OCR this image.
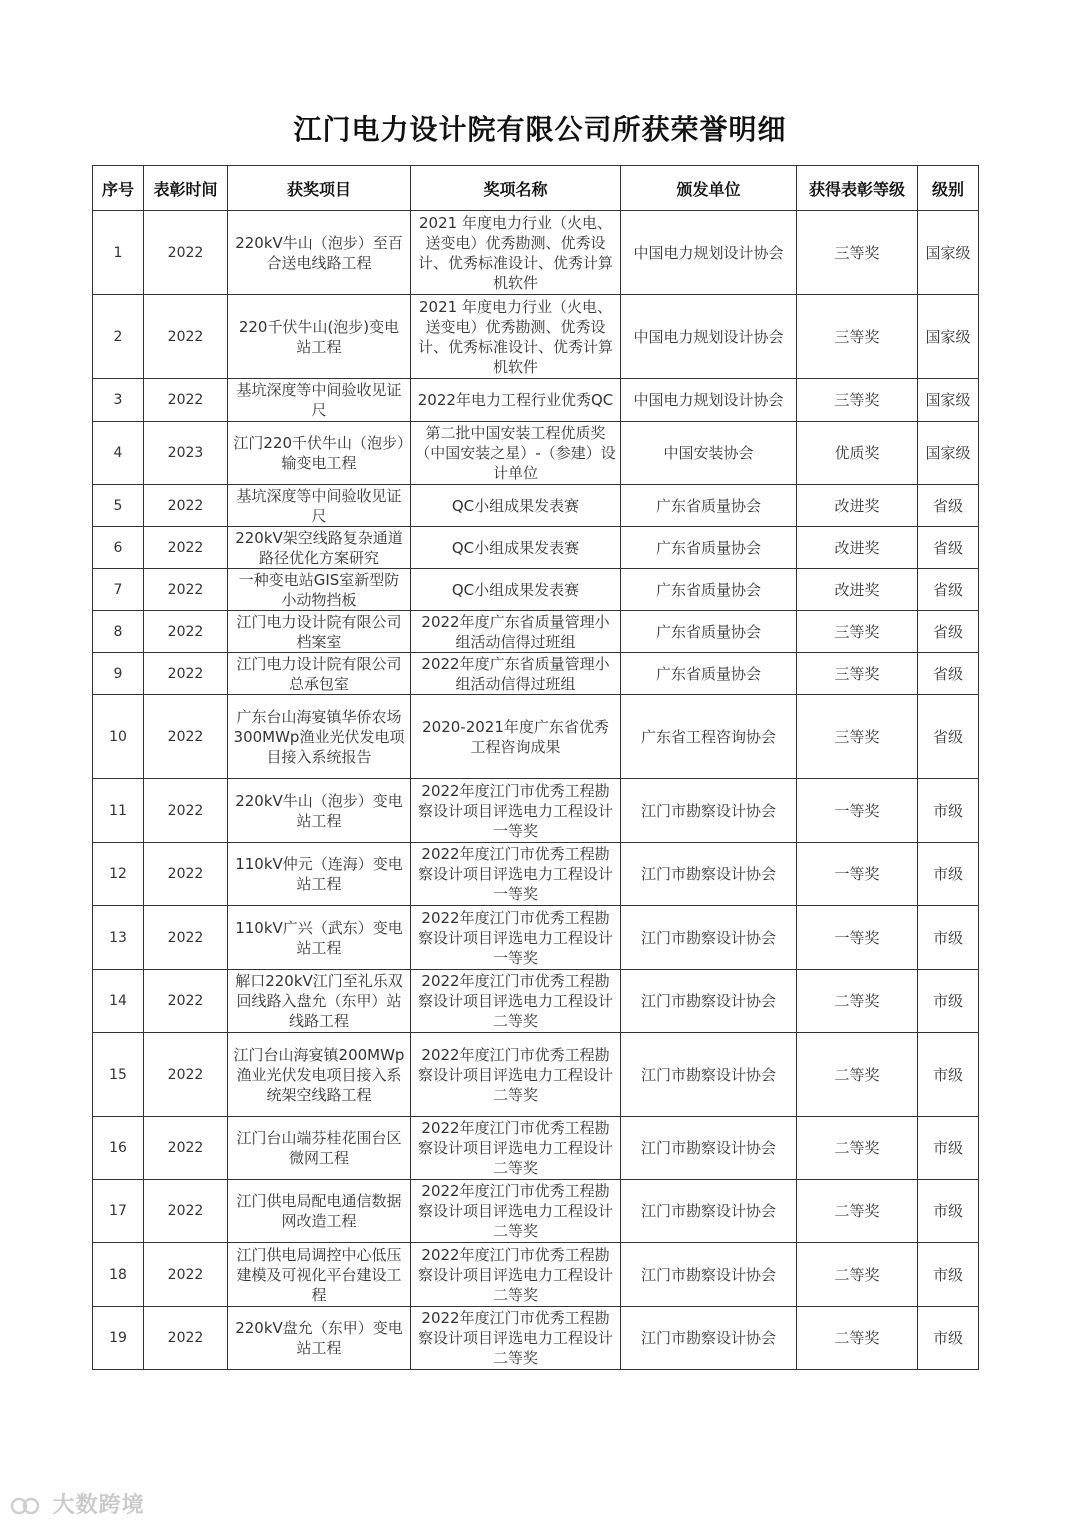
江门电力设计院有限公司所获荣誉明细
序号	表彰时间	获奖项目	奖项名称	颁发单位	获得表彰等级	级别
1	2022	220kV牛山（泡步）至百合送电线路工程	2021 年度电力行业（火电、送变电）优秀勘测、优秀设计、优秀标准设计、优秀计算机软件	中国电力规划设计协会	三等奖	国家级
2	2022	220千伏牛山(泡步)变电站工程	2021 年度电力行业（火电、送变电）优秀勘测、优秀设计、优秀标准设计、优秀计算机软件	中国电力规划设计协会	三等奖	国家级
3	2022	基坑深度等中间验收见证尺	2022年电力工程行业优秀QC	中国电力规划设计协会	三等奖	国家级
4	2023	江门220千伏牛山（泡步）输变电工程	第二批中国安装工程优质奖（中国安装之星）-（参建）设计单位	中国安装协会	优质奖	国家级
5	2022	基坑深度等中间验收见证尺	QC小组成果发表赛	广东省质量协会	改进奖	省级
6	2022	220kV架空线路复杂通道路径优化方案研究	QC小组成果发表赛	广东省质量协会	改进奖	省级
7	2022	一种变电站GIS室新型防小动物挡板	QC小组成果发表赛	广东省质量协会	改进奖	省级
8	2022	江门电力设计院有限公司档案室	2022年度广东省质量管理小组活动信得过班组	广东省质量协会	三等奖	省级
9	2022	江门电力设计院有限公司总承包室	2022年度广东省质量管理小组活动信得过班组	广东省质量协会	三等奖	省级
10	2022	广东台山海宴镇华侨农场300MWp渔业光伏发电项目接入系统报告	2020-2021年度广东省优秀工程咨询成果	广东省工程咨询协会	三等奖	省级
11	2022	220kV牛山（泡步）变电站工程	2022年度江门市优秀工程勘察设计项目评选电力工程设计一等奖	江门市勘察设计协会	一等奖	市级
12	2022	110kV仲元（连海）变电站工程	2022年度江门市优秀工程勘察设计项目评选电力工程设计一等奖	江门市勘察设计协会	一等奖	市级
13	2022	110kV广兴（武东）变电站工程	2022年度江门市优秀工程勘察设计项目评选电力工程设计一等奖	江门市勘察设计协会	一等奖	市级
14	2022	解口220kV江门至礼乐双回线路入盘允（东甲）站线路工程	2022年度江门市优秀工程勘察设计项目评选电力工程设计二等奖	江门市勘察设计协会	二等奖	市级
15	2022	江门台山海宴镇200MWp渔业光伏发电项目接入系统架空线路工程	2022年度江门市优秀工程勘察设计项目评选电力工程设计二等奖	江门市勘察设计协会	二等奖	市级
16	2022	江门台山端芬桂花围台区微网工程	2022年度江门市优秀工程勘察设计项目评选电力工程设计二等奖	江门市勘察设计协会	二等奖	市级
17	2022	江门供电局配电通信数据网改造工程	2022年度江门市优秀工程勘察设计项目评选电力工程设计二等奖	江门市勘察设计协会	二等奖	市级
18	2022	江门供电局调控中心低压建模及可视化平台建设工程	2022年度江门市优秀工程勘察设计项目评选电力工程设计二等奖	江门市勘察设计协会	二等奖	市级
19	2022	220kV盘允（东甲）变电站工程	2022年度江门市优秀工程勘察设计项目评选电力工程设计二等奖	江门市勘察设计协会	二等奖	市级
大数跨境
